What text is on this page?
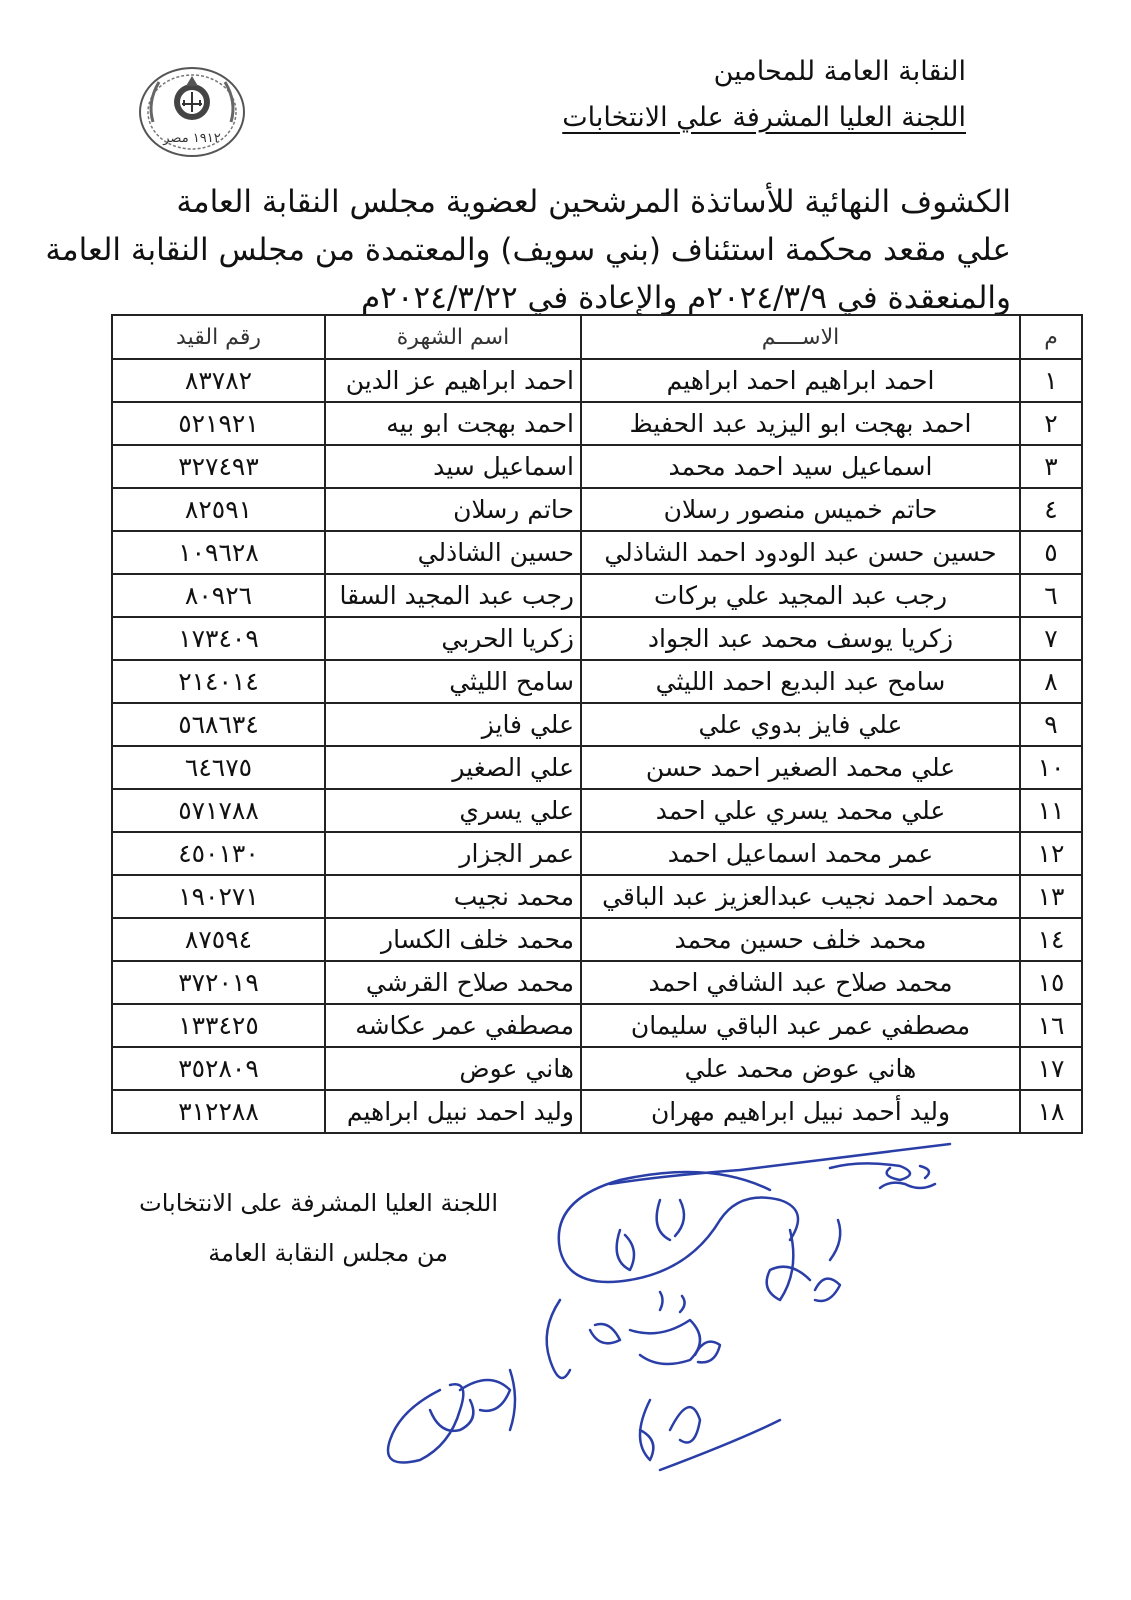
النقابة العامة للمحامين
اللجنة العليا المشرفة علي الانتخابات
١٩١٢ مصر
الكشوف النهائية للأساتذة المرشحين لعضوية مجلس النقابة العامة
علي مقعد محكمة استئناف (بني سويف) والمعتمدة من مجلس النقابة العامة
والمنعقدة في ٢٠٢٤/٣/٩م والإعادة في ٢٠٢٤/٣/٢٢م
م	الاســــم	اسم الشهرة	رقم القيد
١	احمد ابراهيم احمد ابراهيم	احمد ابراهيم عز الدين	٨٣٧٨٢
٢	احمد بهجت ابو اليزيد عبد الحفيظ	احمد بهجت ابو بيه	٥٢١٩٢١
٣	اسماعيل سيد احمد محمد	اسماعيل سيد	٣٢٧٤٩٣
٤	حاتم خميس منصور رسلان	حاتم رسلان	٨٢٥٩١
٥	حسين حسن عبد الودود احمد الشاذلي	حسين الشاذلي	١٠٩٦٢٨
٦	رجب عبد المجيد علي بركات	رجب عبد المجيد السقا	٨٠٩٢٦
٧	زكريا يوسف محمد عبد الجواد	زكريا الحربي	١٧٣٤٠٩
٨	سامح عبد البديع احمد الليثي	سامح الليثي	٢١٤٠١٤
٩	علي فايز بدوي علي	علي فايز	٥٦٨٦٣٤
١٠	علي محمد الصغير احمد حسن	علي الصغير	٦٤٦٧٥
١١	علي محمد يسري علي احمد	علي يسري	٥٧١٧٨٨
١٢	عمر محمد اسماعيل احمد	عمر الجزار	٤٥٠١٣٠
١٣	محمد احمد نجيب عبدالعزيز عبد الباقي	محمد نجيب	١٩٠٢٧١
١٤	محمد خلف حسين محمد	محمد خلف الكسار	٨٧٥٩٤
١٥	محمد صلاح عبد الشافي احمد	محمد صلاح القرشي	٣٧٢٠١٩
١٦	مصطفي عمر عبد الباقي سليمان	مصطفي عمر عكاشه	١٣٣٤٢٥
١٧	هاني عوض محمد علي	هاني عوض	٣٥٢٨٠٩
١٨	وليد أحمد نبيل ابراهيم مهران	وليد احمد نبيل ابراهيم	٣١٢٢٨٨
اللجنة العليا المشرفة على الانتخابات
من مجلس النقابة العامة
